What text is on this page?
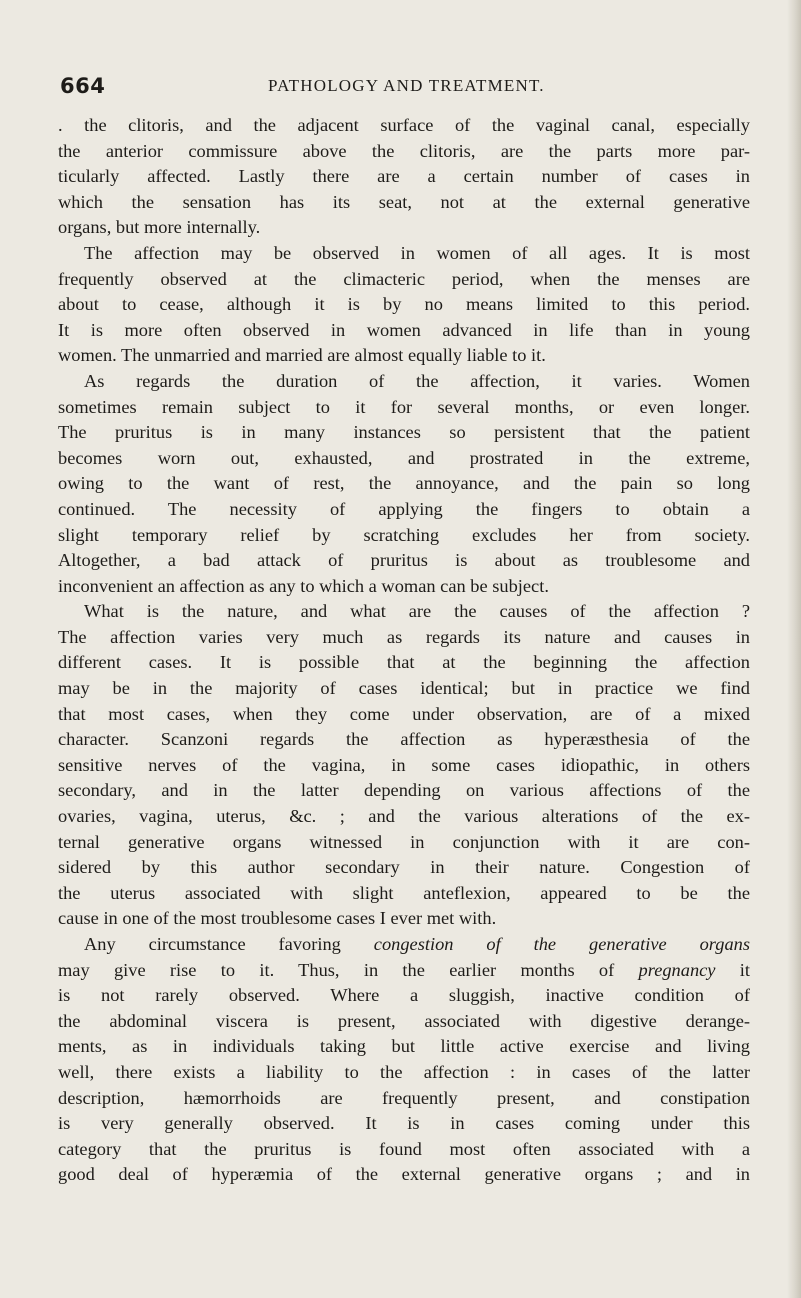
664	PATHOLOGY AND TREATMENT.
. the clitoris, and the adjacent surface of the vaginal canal, especially
the anterior commissure above the clitoris, are the parts more par-
ticularly affected. Lastly there are a certain number of cases in
which the sensation has its seat, not at the external generative
organs, but more internally.
The affection may be observed in women of all ages. It is most
frequently observed at the climacteric period, when the menses are
about to cease, although it is by no means limited to this period.
It is more often observed in women advanced in life than in young
women. The unmarried and married are almost equally liable to it.
As regards the duration of the affection, it varies. Women
sometimes remain subject to it for several months, or even longer.
The pruritus is in many instances so persistent that the patient
becomes worn out, exhausted, and prostrated in the extreme,
owing to the want of rest, the annoyance, and the pain so long
continued. The necessity of applying the fingers to obtain a
slight temporary relief by scratching excludes her from society.
Altogether, a bad attack of pruritus is about as troublesome and
inconvenient an affection as any to which a woman can be subject.
What is the nature, and what are the causes of the affection ?
The affection varies very much as regards its nature and causes in
different cases. It is possible that at the beginning the affection
may be in the majority of cases identical; but in practice we find
that most cases, when they come under observation, are of a mixed
character. Scanzoni regards the affection as hyperæsthesia of the
sensitive nerves of the vagina, in some cases idiopathic, in others
secondary, and in the latter depending on various affections of the
ovaries, vagina, uterus, &c. ; and the various alterations of the ex-
ternal generative organs witnessed in conjunction with it are con-
sidered by this author secondary in their nature. Congestion of
the uterus associated with slight anteflexion, appeared to be the
cause in one of the most troublesome cases I ever met with.
Any circumstance favoring congestion of the generative organs
may give rise to it. Thus, in the earlier months of pregnancy it
is not rarely observed. Where a sluggish, inactive condition of
the abdominal viscera is present, associated with digestive derange-
ments, as in individuals taking but little active exercise and living
well, there exists a liability to the affection : in cases of the latter
description, hæmorrhoids are frequently present, and constipation
is very generally observed. It is in cases coming under this
category that the pruritus is found most often associated with a
good deal of hyperæmia of the external generative organs ; and in
